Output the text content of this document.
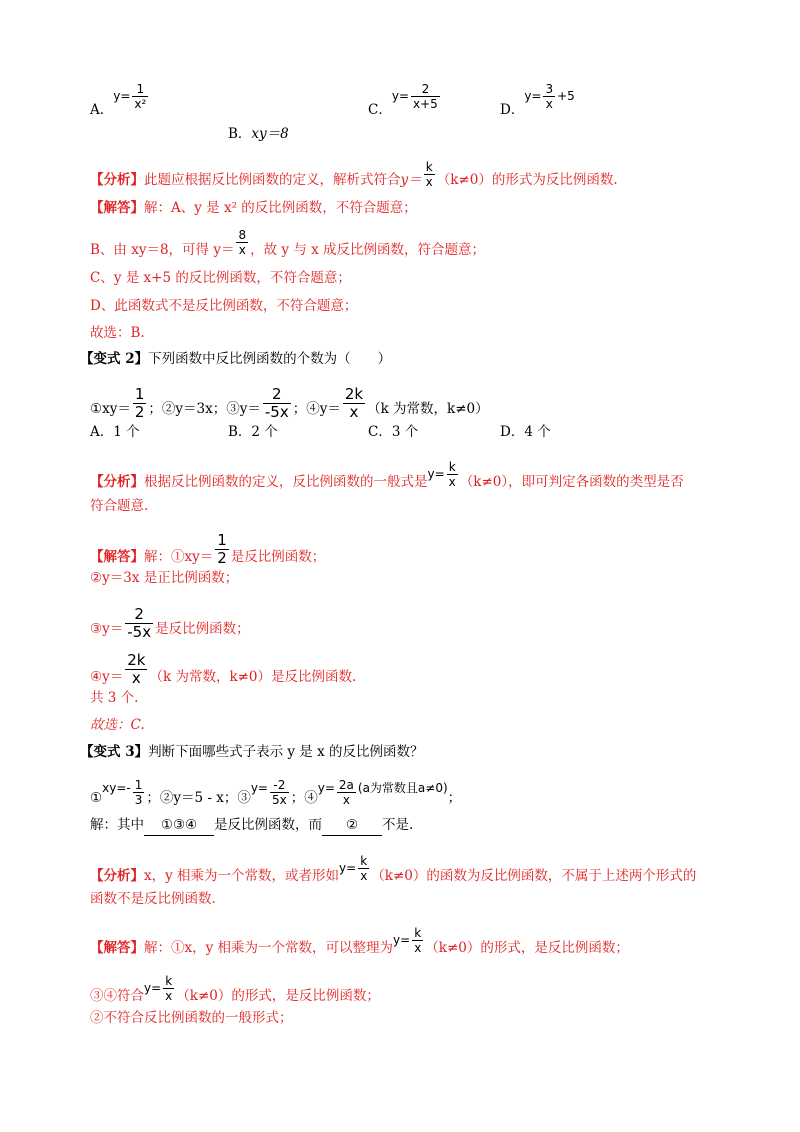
A．$y= \frac{1}{\text{x²}}$
B．xy＝8
C．$y= \frac{2}{x+5}$	D．$y= \frac{3}{x} +5$
【分析】此题应根据反比例函数的定义，解析式符合$y= \frac{k}{x} (k\ne 0)$的形式为反比例函数.
【解答】解：A、y 是 x² 的反比例函数，不符合题意；
B、由 xy＝8，可得 $y= \frac{8}{x}$ ，故 y 与 x 成反比例函数，符合题意；
C、y 是 x+5 的反比例函数，不符合题意；
D、此函数式不是反比例函数，不符合题意；
故选：B.
【变式 2】下列函数中反比例函数的个数为（　　）
①xy＝ $\frac{1}{2}$ ；②y＝3x；③y＝ $\frac{2}{-5x}$ ；④y＝ $\frac{2k}{x} (k$ 为常数，k≠0）
A．1 个	B．2 个	C．3 个	D．4 个
【分析】根据反比例函数的定义，反比例函数的一般式是$y= \frac{k}{x} (k\ne 0)$，即可判定各函数的类型是否
符合题意.
【解答】解：①xy＝ $\frac{1}{2}$ 是反比例函数；
②y＝3x 是正比例函数；
③y＝ $\frac{2}{-5x}$ 是反比例函数；
④y＝ $\frac{2k}{x} (k$ 为常数，k≠0）是反比例函数.
共 3 个.
故选：C.
【变式 3】判断下面哪些式子表示 y 是 x 的反比例函数？
①xy=- $\frac{1}{3}$ ；②y＝5 - x；③y= $\frac{-2}{5x}$ ；④y= $\frac{2a}{x} (a$为常数且a≠0)；
解：其中 ①③④ 是反比例函数，而 ② 不是.
【分析】x，y 相乘为一个常数，或者形如$y= \frac{k}{x} (k\ne 0)$的函数为反比例函数，不属于上述两个形式的
函数不是反比例函数.
【解答】解：①x，y 相乘为一个常数，可以整理为$y= \frac{k}{x} (k\ne 0)$的形式，是反比例函数；
③④符合$y= \frac{k}{x} (k\ne 0)$的形式，是反比例函数；
②不符合反比例函数的一般形式；
